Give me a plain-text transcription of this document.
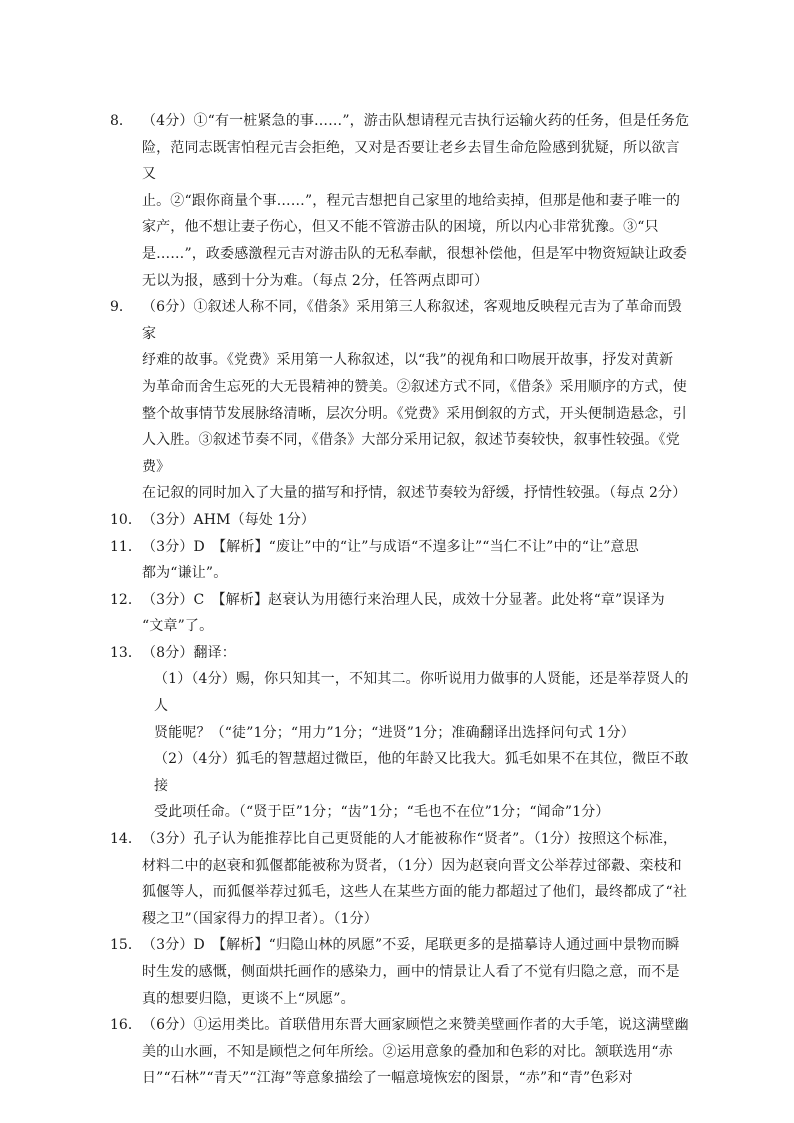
8． （4分）①“有一桩紧急的事……”，游击队想请程元吉执行运输火药的任务，但是任务危

险，范同志既害怕程元吉会拒绝，又对是否要让老乡去冒生命危险感到犹疑，所以欲言又

止。②“跟你商量个事……”，程元吉想把自己家里的地给卖掉，但那是他和妻子唯一的

家产，他不想让妻子伤心，但又不能不管游击队的困境，所以内心非常犹豫。③“只

是……”，政委感激程元吉对游击队的无私奉献，很想补偿他，但是军中物资短缺让政委

无以为报，感到十分为难。（每点 2分，任答两点即可）

9． （6分）①叙述人称不同，《借条》采用第三人称叙述，客观地反映程元吉为了革命而毁家

纾难的故事。《党费》采用第一人称叙述，以“我”的视角和口吻展开故事，抒发对黄新

为革命而舍生忘死的大无畏精神的赞美。②叙述方式不同，《借条》采用顺序的方式，使

整个故事情节发展脉络清晰，层次分明。《党费》采用倒叙的方式，开头便制造悬念，引

人入胜。③叙述节奏不同，《借条》大部分采用记叙，叙述节奏较快，叙事性较强。《党费》

在记叙的同时加入了大量的描写和抒情，叙述节奏较为舒缓，抒情性较强。（每点 2分）

10． （3分）AHM（每处 1分）

11． （3分）D　【解析】“废让”中的“让”与成语“不遑多让”“当仁不让”中的“让”意思

都为“谦让”。

12． （3分）C　【解析】赵衰认为用德行来治理人民，成效十分显著。此处将“章”误译为

“文章”了。

13． （8分）翻译：

（1）（4分）赐，你只知其一，不知其二。你听说用力做事的人贤能，还是举荐贤人的人

贤能呢？（“徒”1分；“用力”1分；“进贤”1分；准确翻译出选择问句式 1分）

（2）（4分）狐毛的智慧超过微臣，他的年龄又比我大。狐毛如果不在其位，微臣不敢接

受此项任命。（“贤于臣”1分；“齿”1分；“毛也不在位”1分；“闻命”1分）

14． （3分）孔子认为能推荐比自己更贤能的人才能被称作“贤者”。（1分）按照这个标准，

材料二中的赵衰和狐偃都能被称为贤者，（1分）因为赵衰向晋文公举荐过郤縠、栾枝和

狐偃等人，而狐偃举荐过狐毛，这些人在某些方面的能力都超过了他们，最终都成了“社

稷之卫”（国家得力的捍卫者）。（1分）

15． （3分）D　【解析】“归隐山林的夙愿”不妥，尾联更多的是描摹诗人通过画中景物而瞬

时生发的感慨，侧面烘托画作的感染力，画中的情景让人看了不觉有归隐之意，而不是

真的想要归隐，更谈不上“夙愿”。

16． （6分）①运用类比。首联借用东晋大画家顾恺之来赞美壁画作者的大手笔，说这满壁幽

美的山水画，不知是顾恺之何年所绘。②运用意象的叠加和色彩的对比。颔联选用“赤

日”“石林”“青天”“江海”等意象描绘了一幅意境恢宏的图景，“赤”和“青”色彩对
